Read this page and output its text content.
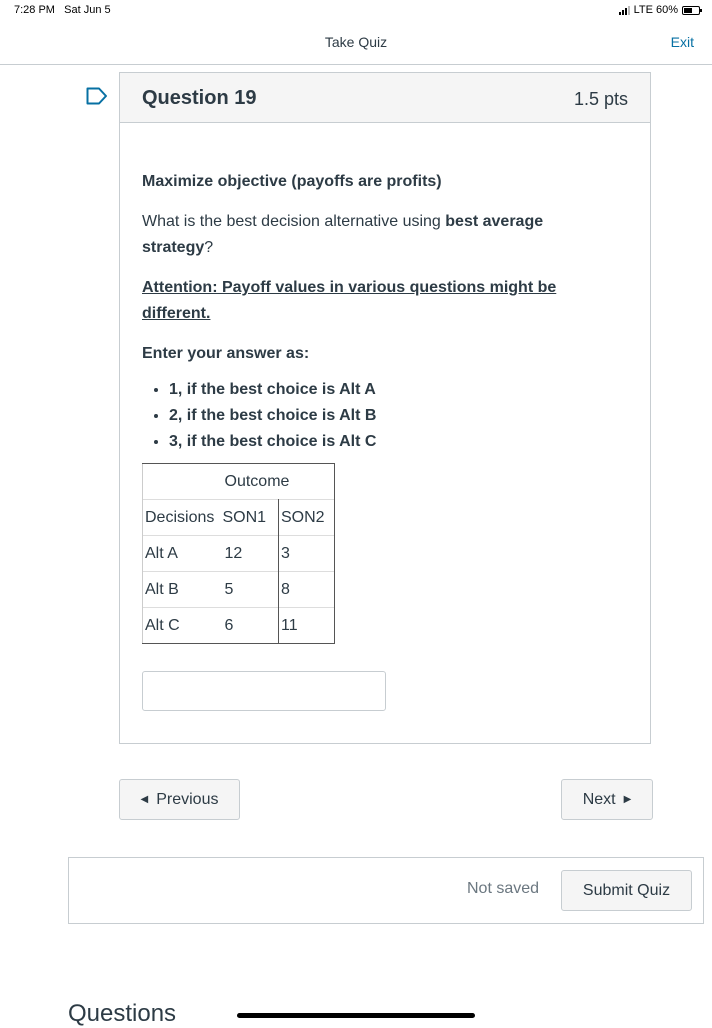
7:28 PM Sat Jun 5	LTE 60%
Take Quiz	Exit
Question 19	1.5 pts

Maximize objective (payoffs are profits)

What is the best decision alternative using best average strategy?

Attention: Payoff values in various questions might be different.

Enter your answer as:

• 1, if the best choice is Alt A
• 2, if the best choice is Alt B
• 3, if the best choice is Alt C
	Outcome	
Decisions	SON1	SON2
Alt A	12	3
Alt B	5	8
Alt C	6	11
◀ Previous	Next ▶
Not saved	Submit Quiz
Questions
